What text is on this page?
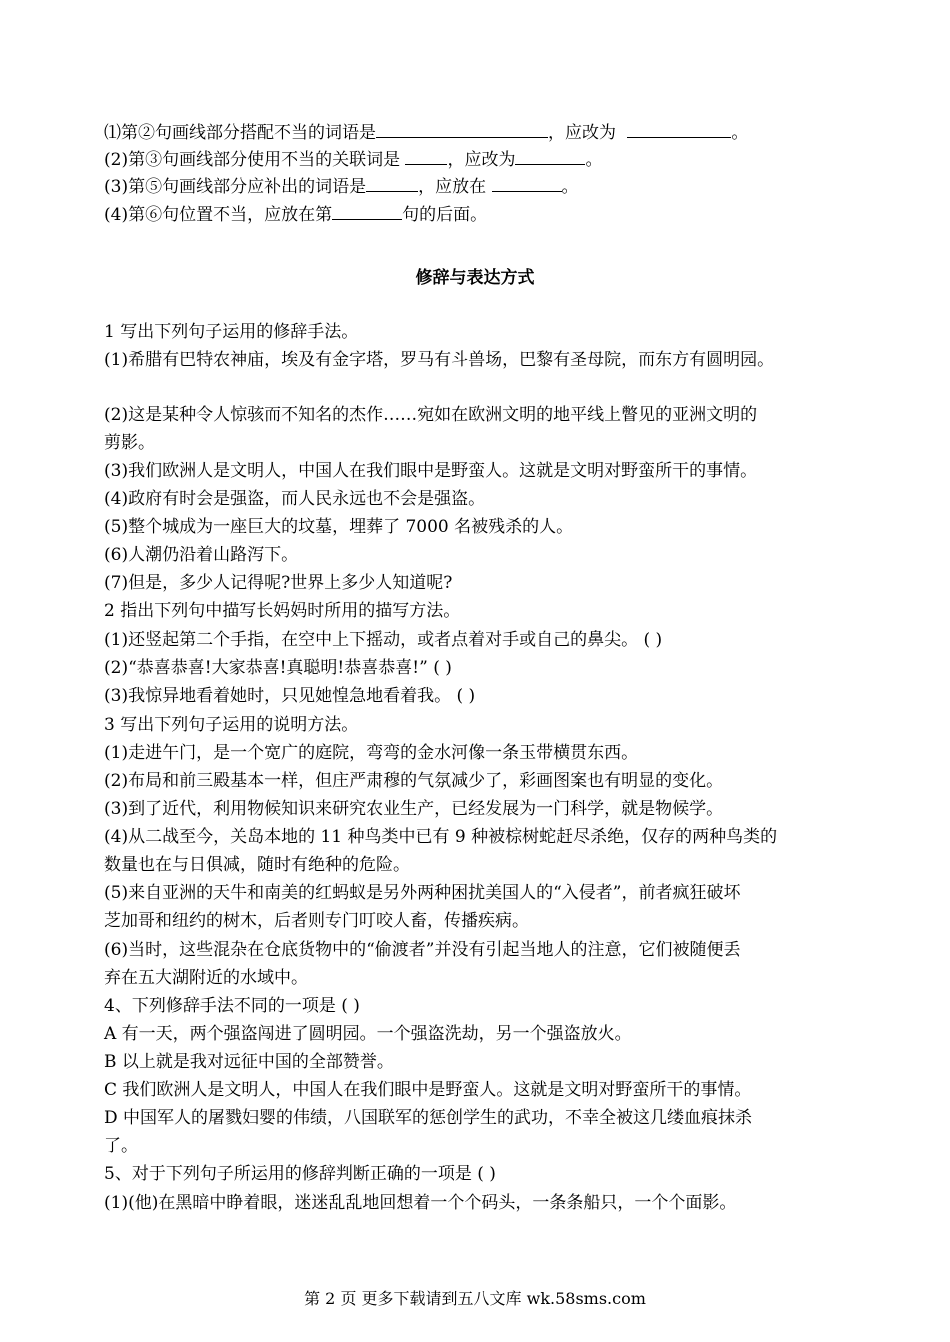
⑴第②句画线部分搭配不当的词语是	，应改为	。
(2)第③句画线部分使用不当的关联词是 ，应改为	。
(3)第⑤句画线部分应补出的词语是	，应放在	。
(4)第⑥句位置不当，应放在第	句的后面。
修辞与表达方式
1 写出下列句子运用的修辞手法。
(1)希腊有巴特农神庙，埃及有金字塔，罗马有斗兽场，巴黎有圣母院，而东方有圆明园。
(2)这是某种令人惊骇而不知名的杰作……宛如在欧洲文明的地平线上瞥见的亚洲文明的
剪影。
(3)我们欧洲人是文明人，中国人在我们眼中是野蛮人。这就是文明对野蛮所干的事情。
(4)政府有时会是强盗，而人民永远也不会是强盗。
(5)整个城成为一座巨大的坟墓，埋葬了 7000 名被残杀的人。
(6)人潮仍沿着山路泻下。
(7)但是，多少人记得呢?世界上多少人知道呢?
2 指出下列句中描写长妈妈时所用的描写方法。
(1)还竖起第二个手指，在空中上下摇动，或者点着对手或自己的鼻尖。 ( )
(2)“恭喜恭喜!大家恭喜!真聪明!恭喜恭喜!” ( )
(3)我惊异地看着她时，只见她惶急地看着我。 ( )
3 写出下列句子运用的说明方法。
(1)走进午门，是一个宽广的庭院，弯弯的金水河像一条玉带横贯东西。
(2)布局和前三殿基本一样，但庄严肃穆的气氛减少了，彩画图案也有明显的变化。
(3)到了近代，利用物候知识来研究农业生产，已经发展为一门科学，就是物候学。
(4)从二战至今，关岛本地的 11 种鸟类中已有 9 种被棕树蛇赶尽杀绝，仅存的两种鸟类的
数量也在与日俱减，随时有绝种的危险。
(5)来自亚洲的天牛和南美的红蚂蚁是另外两种困扰美国人的“入侵者”，前者疯狂破坏
芝加哥和纽约的树木，后者则专门叮咬人畜，传播疾病。
(6)当时，这些混杂在仓底货物中的“偷渡者”并没有引起当地人的注意，它们被随便丢
弃在五大湖附近的水域中。
4、下列修辞手法不同的一项是 ( )
A 有一天，两个强盗闯进了圆明园。一个强盗洗劫，另一个强盗放火。
B 以上就是我对远征中国的全部赞誉。
C 我们欧洲人是文明人，中国人在我们眼中是野蛮人。这就是文明对野蛮所干的事情。
D 中国军人的屠戮妇婴的伟绩，八国联军的惩创学生的武功，不幸全被这几缕血痕抹杀
了。
5、对于下列句子所运用的修辞判断正确的一项是 ( )
(1)(他)在黑暗中睁着眼，迷迷乱乱地回想着一个个码头，一条条船只，一个个面影。
第 2 页 更多下载请到五八文库 wk.58sms.com
